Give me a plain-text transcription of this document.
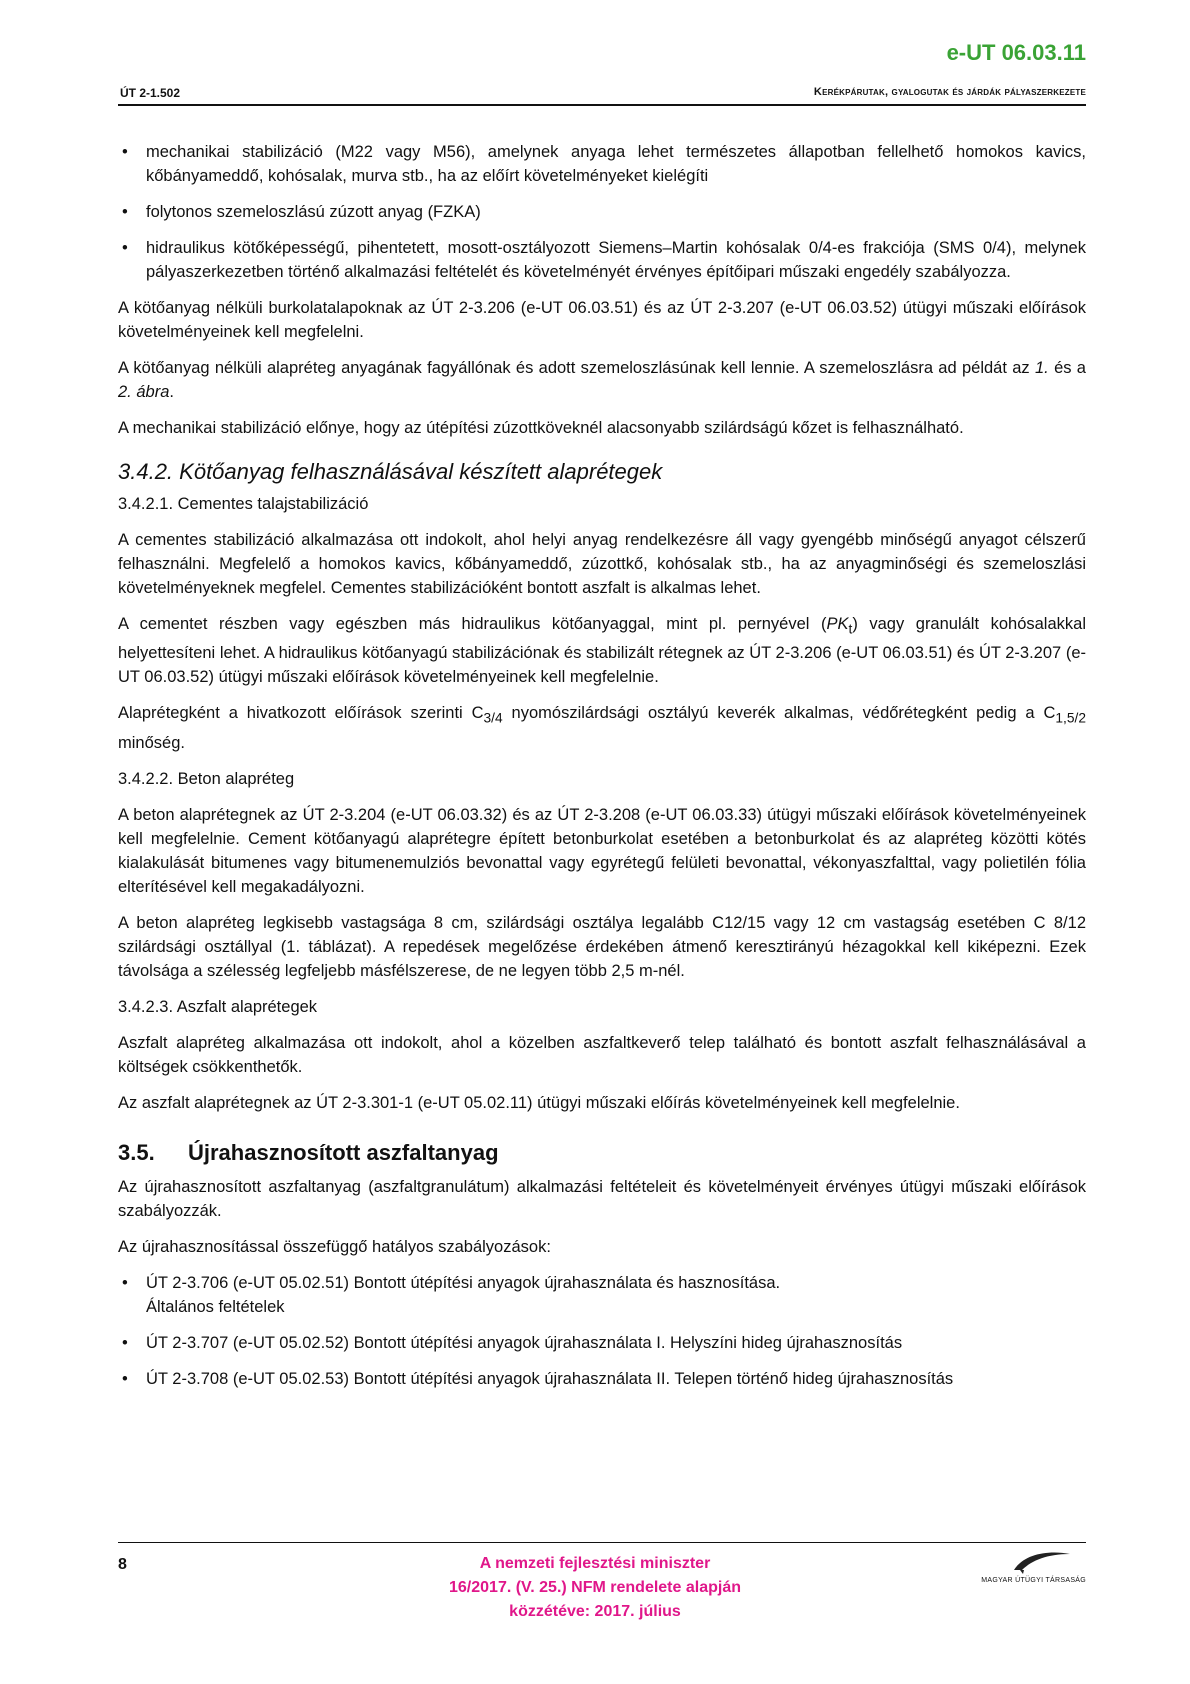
e-UT 06.03.11
ÚT 2-1.502	Kerékpárutak, gyalogutak és járdák pályaszerkezete
• mechanikai stabilizáció (M22 vagy M56), amelynek anyaga lehet természetes állapotban fellelhető homokos kavics, kőbányameddő, kohósalak, murva stb., ha az előírt követelményeket kielégíti
• folytonos szemeloszlású zúzott anyag (FZKA)
• hidraulikus kötőképességű, pihentetett, mosott-osztályozott Siemens–Martin kohósalak 0/4-es frakciója (SMS 0/4), melynek pályaszerkezetben történő alkalmazási feltételét és követelményét érvényes építőipari műszaki engedély szabályozza.

A kötőanyag nélküli burkolatalapoknak az ÚT 2-3.206 (e-UT 06.03.51) és az ÚT 2-3.207 (e-UT 06.03.52) útügyi műszaki előírások követelményeinek kell megfelelni.

A kötőanyag nélküli alapréteg anyagának fagyállónak és adott szemeloszlásúnak kell lennie. A szemeloszlásra ad példát az 1. és a 2. ábra.

A mechanikai stabilizáció előnye, hogy az útépítési zúzottköveknél alacsonyabb szilárdságú kőzet is felhasználható.

3.4.2. Kötőanyag felhasználásával készített alaprétegek
3.4.2.1. Cementes talajstabilizáció

A cementes stabilizáció alkalmazása ott indokolt, ahol helyi anyag rendelkezésre áll vagy gyengébb minőségű anyagot célszerű felhasználni. Megfelelő a homokos kavics, kőbányameddő, zúzottkő, kohósalak stb., ha az anyagminőségi és szemeloszlási követelményeknek megfelel. Cementes stabilizációként bontott aszfalt is alkalmas lehet.

A cementet részben vagy egészben más hidraulikus kötőanyaggal, mint pl. pernyével $(PK_t)$ vagy granulált kohósalakkal helyettesíteni lehet. A hidraulikus kötőanyagú stabilizációnak és stabilizált rétegnek az ÚT 2-3.206 (e-UT 06.03.51) és ÚT 2-3.207 (e-UT 06.03.52) útügyi műszaki előírások követelményeinek kell megfelelnie.

Alaprétegként a hivatkozott előírások szerinti $C_{3/4}$ nyomószilárdsági osztályú keverék alkalmas, védőrétegként pedig a $C_{1,5/2}$ minőség.

3.4.2.2. Beton alapréteg

A beton alaprétegnek az ÚT 2-3.204 (e-UT 06.03.32) és az ÚT 2-3.208 (e-UT 06.03.33) útügyi műszaki előírások követelményeinek kell megfelelnie. Cement kötőanyagú alaprétegre épített betonburkolat esetében a betonburkolat és az alapréteg közötti kötés kialakulását bitumenes vagy bitumenemulziós bevonattal vagy egyrétegű felületi bevonattal, vékonyaszfalttal, vagy polietilén fólia elterítésével kell megakadályozni.

A beton alapréteg legkisebb vastagsága 8 cm, szilárdsági osztálya legalább C12/15 vagy 12 cm vastagság esetében C 8/12 szilárdsági osztállyal (1. táblázat). A repedések megelőzése érdekében átmenő keresztirányú hézagokkal kell kiképezni. Ezek távolsága a szélesség legfeljebb másfélszerese, de ne legyen több 2,5 m-nél.

3.4.2.3. Aszfalt alaprétegek

Aszfalt alapréteg alkalmazása ott indokolt, ahol a közelben aszfaltkeverő telep található és bontott aszfalt felhasználásával a költségek csökkenthetők.

Az aszfalt alaprétegnek az ÚT 2-3.301-1 (e-UT 05.02.11) útügyi műszaki előírás követelményeinek kell megfelelnie.

3.5. Újrahasznosított aszfaltanyag

Az újrahasznosított aszfaltanyag (aszfaltgranulátum) alkalmazási feltételeit és követelményeit érvényes útügyi műszaki előírások szabályozzák.

Az újrahasznosítással összefüggő hatályos szabályozások:

• ÚT 2-3.706 (e-UT 05.02.51) Bontott útépítési anyagok újrahasználata és hasznosítása.
Általános feltételek
• ÚT 2-3.707 (e-UT 05.02.52) Bontott útépítési anyagok újrahasználata I. Helyszíni hideg újrahasznosítás
• ÚT 2-3.708 (e-UT 05.02.53) Bontott útépítési anyagok újrahasználata II. Telepen történő hideg újrahasznosítás
8	A nemzeti fejlesztési miniszter
16/2017. (V. 25.) NFM rendelete alapján
közzétéve: 2017. július
MAGYAR ÚTÜGYI TÁRSASÁG
